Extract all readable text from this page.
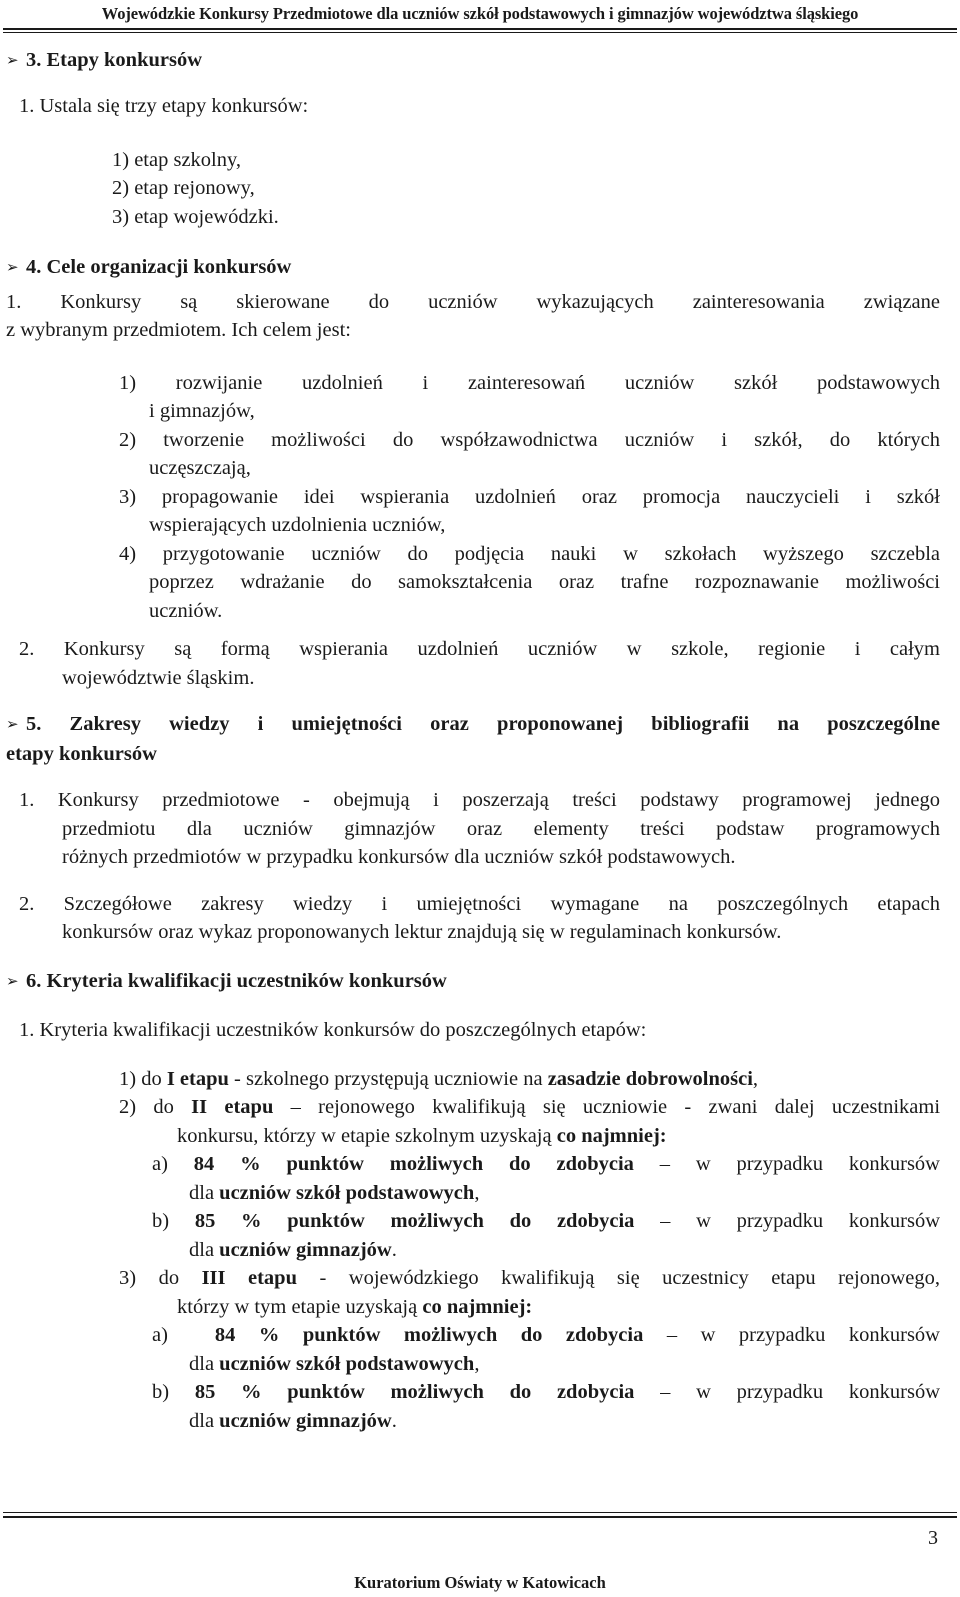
Wojewódzkie Konkursy Przedmiotowe dla uczniów szkół podstawowych i gimnazjów województwa śląskiego
➢ 3. Etapy konkursów
1. Ustala się trzy etapy konkursów:
1) etap szkolny,
2) etap rejonowy,
3) etap wojewódzki.
➢ 4. Cele organizacji konkursów
1. Konkursy są skierowane do uczniów wykazujących zainteresowania związane
z wybranym przedmiotem. Ich celem jest:
1) rozwijanie uzdolnień i zainteresowań uczniów szkół podstawowych
i gimnazjów,
2) tworzenie możliwości do współzawodnictwa uczniów i szkół, do których
uczęszczają,
3) propagowanie idei wspierania uzdolnień oraz promocja nauczycieli i szkół
wspierających uzdolnienia uczniów,
4) przygotowanie uczniów do podjęcia nauki w szkołach wyższego szczebla
poprzez wdrażanie do samokształcenia oraz trafne rozpoznawanie możliwości
uczniów.
2. Konkursy są formą wspierania uzdolnień uczniów w szkole, regionie i całym
województwie śląskim.
➢ 5. Zakresy wiedzy i umiejętności oraz proponowanej bibliografii na poszczególne
etapy konkursów
1. Konkursy przedmiotowe - obejmują i poszerzają treści podstawy programowej jednego
przedmiotu dla uczniów gimnazjów oraz elementy treści podstaw programowych
różnych przedmiotów w przypadku konkursów dla uczniów szkół podstawowych.
2. Szczegółowe zakresy wiedzy i umiejętności wymagane na poszczególnych etapach
konkursów oraz wykaz proponowanych lektur znajdują się w regulaminach konkursów.
➢ 6. Kryteria kwalifikacji uczestników konkursów
1. Kryteria kwalifikacji uczestników konkursów do poszczególnych etapów:
1) do I etapu - szkolnego przystępują uczniowie na zasadzie dobrowolności,
2) do II etapu – rejonowego kwalifikują się uczniowie - zwani dalej uczestnikami
konkursu, którzy w etapie szkolnym uzyskają co najmniej:
a) 84 % punktów możliwych do zdobycia – w przypadku konkursów
dla uczniów szkół podstawowych,
b) 85 % punktów możliwych do zdobycia – w przypadku konkursów
dla uczniów gimnazjów.
3) do III etapu - wojewódzkiego kwalifikują się uczestnicy etapu rejonowego,
którzy w tym etapie uzyskają co najmniej:
a) 84 % punktów możliwych do zdobycia – w przypadku konkursów
dla uczniów szkół podstawowych,
b) 85 % punktów możliwych do zdobycia – w przypadku konkursów
dla uczniów gimnazjów.
3
Kuratorium Oświaty w Katowicach
